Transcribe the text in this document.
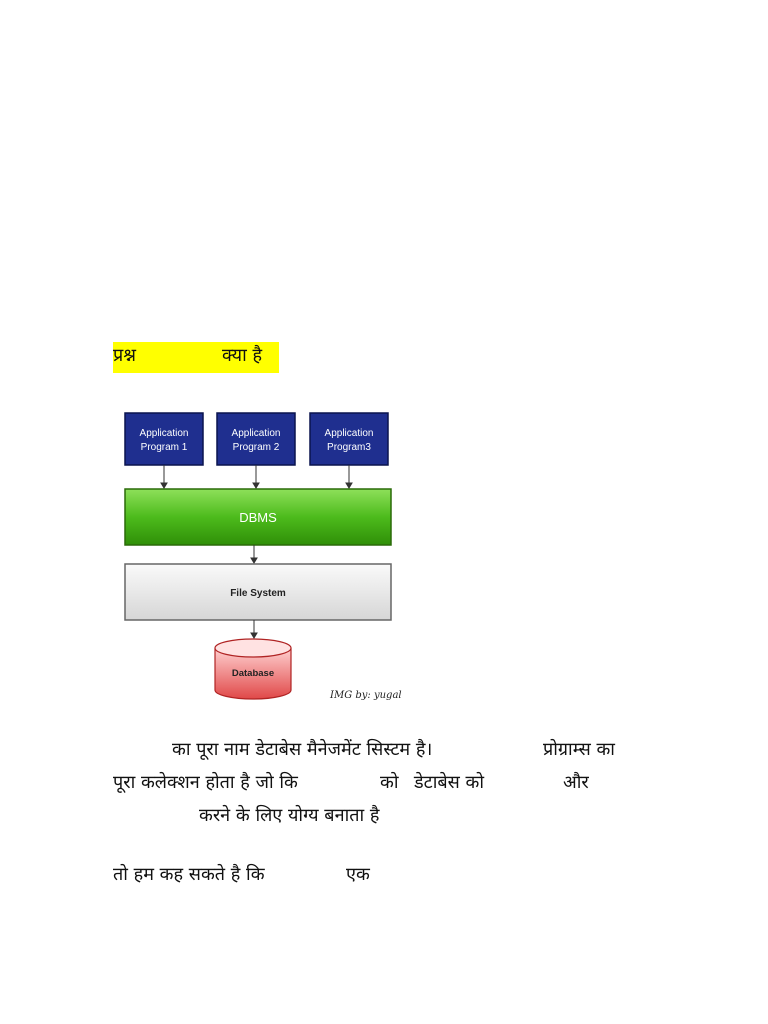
प्रश्न	क्या है
Application
Program 1
Application
Program 2
Application
Program3
DBMS
File System
Database
IMG by: yugal
का पूरा नाम डेटाबेस मैनेजमेंट सिस्टम है।	प्रोग्राम्स का
पूरा कलेक्शन होता है जो कि	को डेटाबेस को	और
करने के लिए योग्य बनाता है
तो हम कह सकते है कि	एक
